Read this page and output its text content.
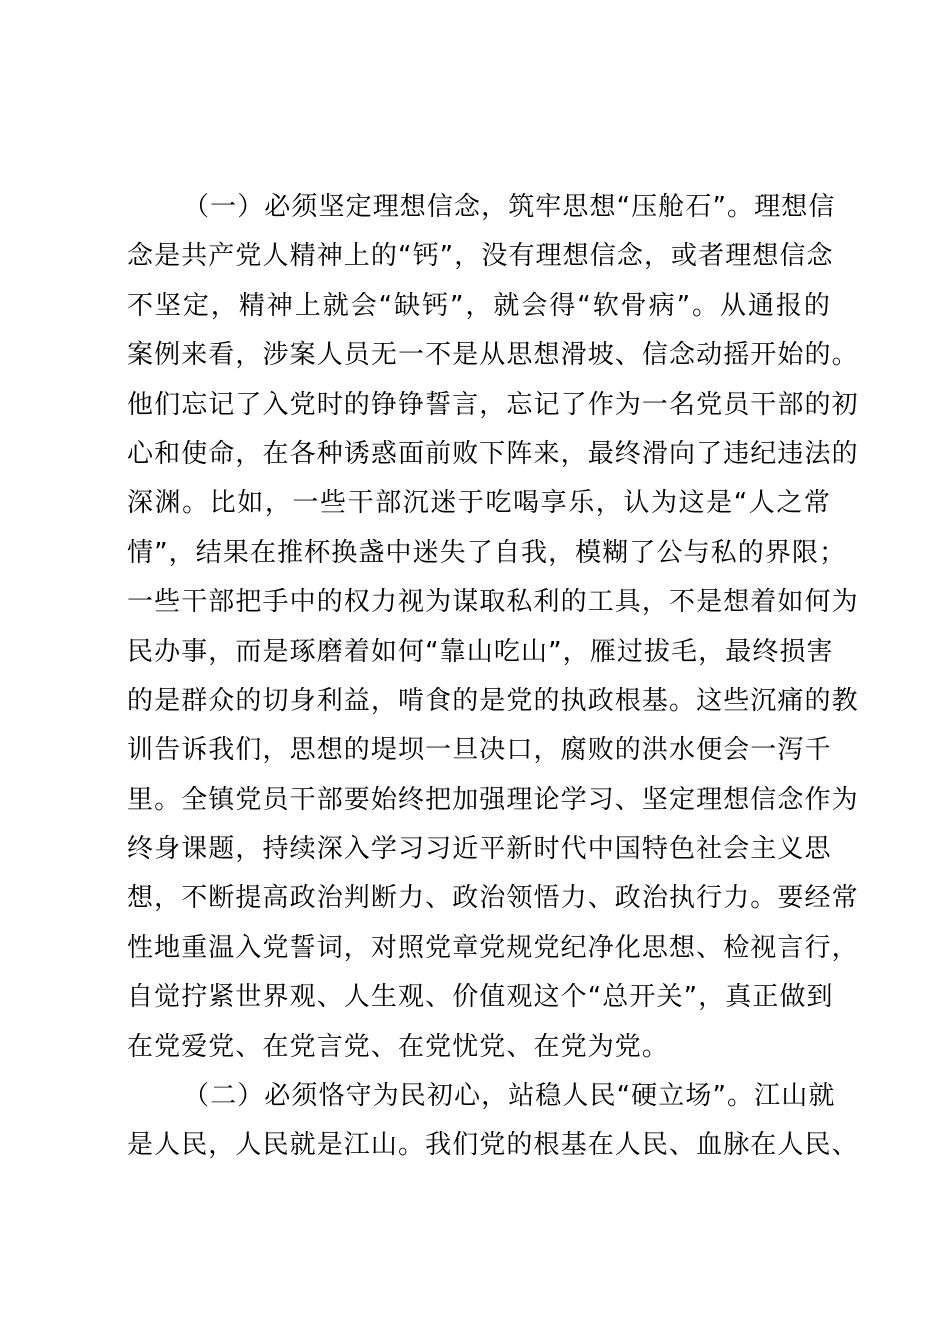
（一）必须坚定理想信念，筑牢思想“压舱石”。理想信
念是共产党人精神上的“钙”，没有理想信念，或者理想信念
不坚定，精神上就会“缺钙”，就会得“软骨病”。从通报的
案例来看，涉案人员无一不是从思想滑坡、信念动摇开始的。
他们忘记了入党时的铮铮誓言，忘记了作为一名党员干部的初
心和使命，在各种诱惑面前败下阵来，最终滑向了违纪违法的
深渊。比如，一些干部沉迷于吃喝享乐，认为这是“人之常
情”，结果在推杯换盏中迷失了自我，模糊了公与私的界限；
一些干部把手中的权力视为谋取私利的工具，不是想着如何为
民办事，而是琢磨着如何“靠山吃山”，雁过拔毛，最终损害
的是群众的切身利益，啃食的是党的执政根基。这些沉痛的教
训告诉我们，思想的堤坝一旦决口，腐败的洪水便会一泻千
里。全镇党员干部要始终把加强理论学习、坚定理想信念作为
终身课题，持续深入学习习近平新时代中国特色社会主义思
想，不断提高政治判断力、政治领悟力、政治执行力。要经常
性地重温入党誓词，对照党章党规党纪净化思想、检视言行，
自觉拧紧世界观、人生观、价值观这个“总开关”，真正做到
在党爱党、在党言党、在党忧党、在党为党。
（二）必须恪守为民初心，站稳人民“硬立场”。江山就
是人民，人民就是江山。我们党的根基在人民、血脉在人民、
